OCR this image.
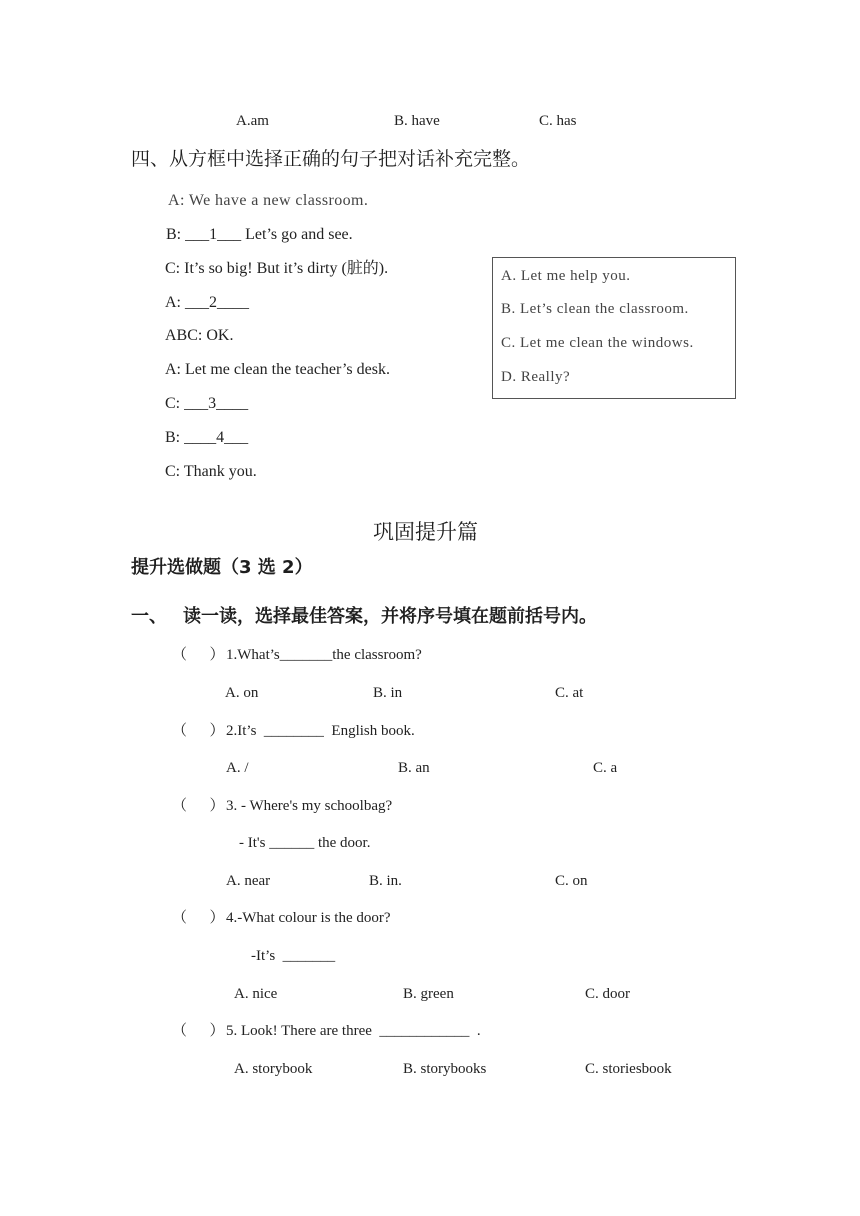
A.am	B. have	C. has
四、从方框中选择正确的句子把对话补充完整。
A: We have a new classroom.
B: ___1___ Let’s go and see.
C: It’s so big! But it’s dirty (脏的).
A: ___2____
ABC: OK.
A: Let me clean the teacher’s desk.
C: ___3____
B: ____4___
C: Thank you.
A. Let me help you.
B. Let’s clean the classroom.
C. Let me clean the windows.
D. Really?
巩固提升篇
提升选做题（3 选 2）
一、 读一读，选择最佳答案，并将序号填在题前括号内。
（      ） 1.What’s_______the classroom?
A. on	B. in	C. at
（      ） 2.It’s  ________  English book.
A. /	B. an	C. a
（      ） 3. - Where's my schoolbag?
- It's ______ the door.
A. near	B. in.	C. on
（      ） 4.-What colour is the door?
-It’s  _______
A. nice	B. green	C. door
（      ） 5. Look! There are three  ____________  .
A. storybook	B. storybooks	C. storiesbook
